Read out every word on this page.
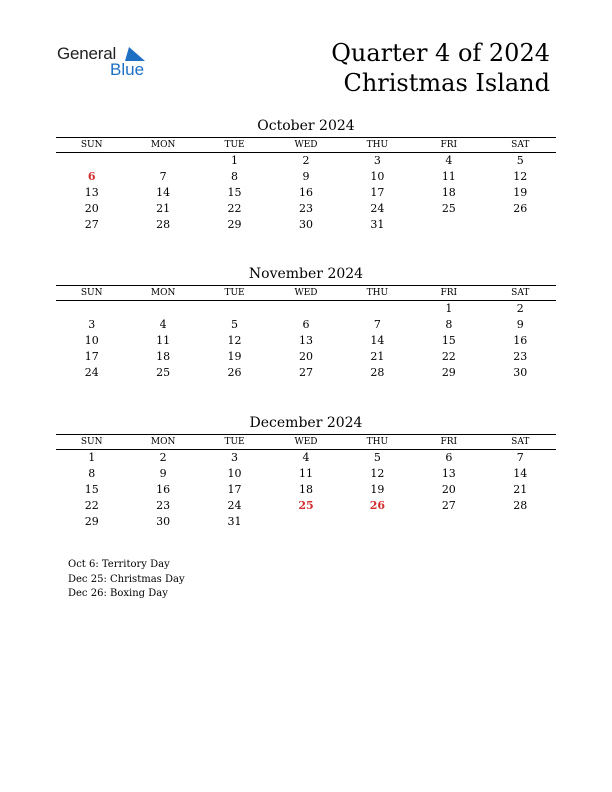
General
Blue
Quarter 4 of 2024
Christmas Island
October 2024
SUN	MON	TUE	WED	THU	FRI	SAT
		1	2	3	4	5
6	7	8	9	10	11	12
13	14	15	16	17	18	19
20	21	22	23	24	25	26
27	28	29	30	31		
November 2024
SUN	MON	TUE	WED	THU	FRI	SAT
					1	2
3	4	5	6	7	8	9
10	11	12	13	14	15	16
17	18	19	20	21	22	23
24	25	26	27	28	29	30
December 2024
SUN	MON	TUE	WED	THU	FRI	SAT
1	2	3	4	5	6	7
8	9	10	11	12	13	14
15	16	17	18	19	20	21
22	23	24	25	26	27	28
29	30	31				
Oct 6: Territory Day
Dec 25: Christmas Day
Dec 26: Boxing Day
